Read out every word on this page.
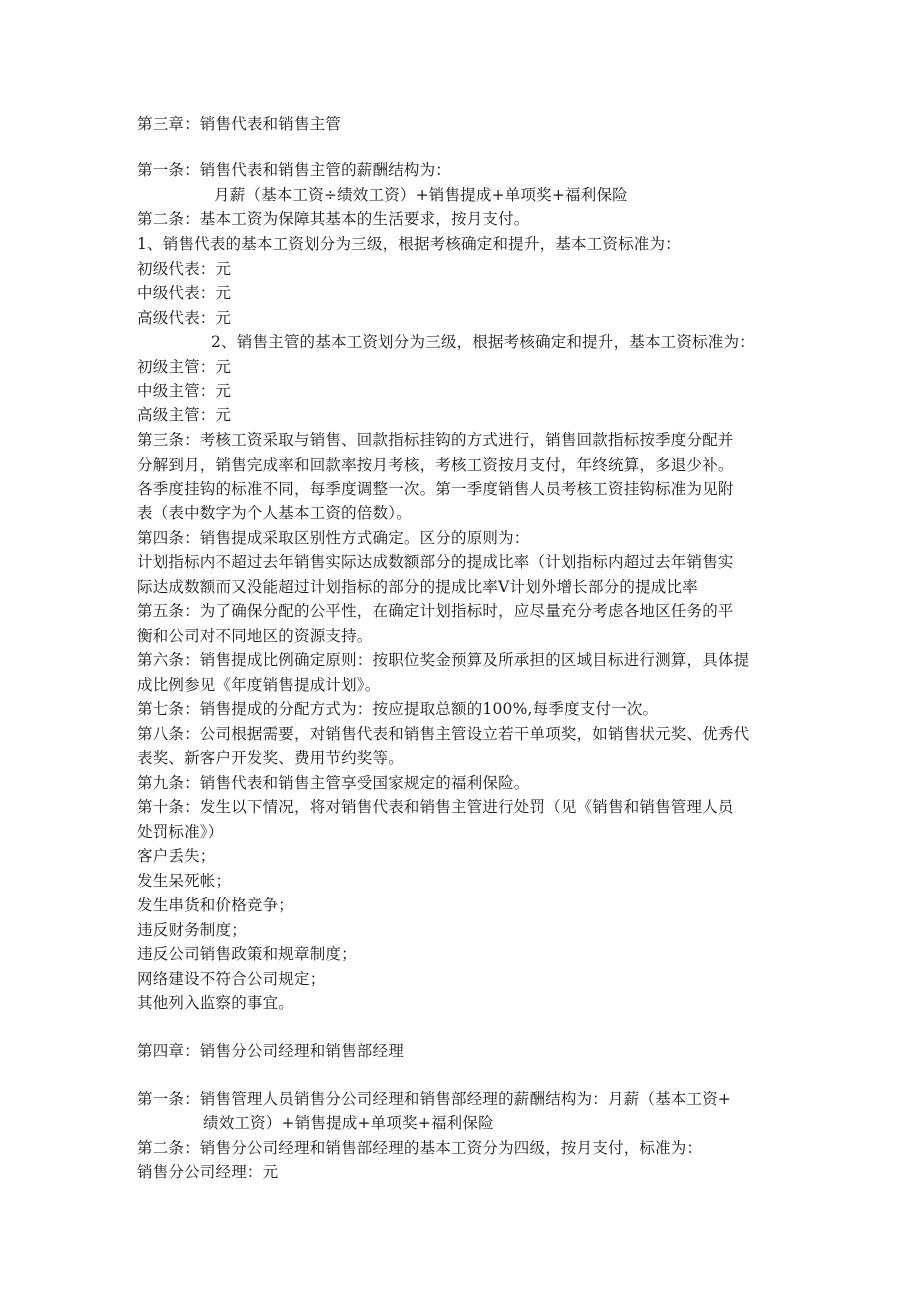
第三章：销售代表和销售主管
第一条：销售代表和销售主管的薪酬结构为：
月薪（基本工资÷绩效工资）+销售提成+单项奖+福利保险
第二条：基本工资为保障其基本的生活要求，按月支付。
1、销售代表的基本工资划分为三级，根据考核确定和提升，基本工资标准为：
初级代表：元
中级代表：元
高级代表：元
2、销售主管的基本工资划分为三级，根据考核确定和提升，基本工资标准为：
初级主管：元
中级主管：元
高级主管：元
第三条：考核工资采取与销售、回款指标挂钩的方式进行，销售回款指标按季度分配并
分解到月，销售完成率和回款率按月考核，考核工资按月支付，年终统算，多退少补。
各季度挂钩的标准不同，每季度调整一次。第一季度销售人员考核工资挂钩标准为见附
表（表中数字为个人基本工资的倍数）。
第四条：销售提成采取区别性方式确定。区分的原则为：
计划指标内不超过去年销售实际达成数额部分的提成比率（计划指标内超过去年销售实
际达成数额而又没能超过计划指标的部分的提成比率Ⅴ计划外增长部分的提成比率
第五条：为了确保分配的公平性，在确定计划指标时，应尽量充分考虑各地区任务的平
衡和公司对不同地区的资源支持。
第六条：销售提成比例确定原则：按职位奖金预算及所承担的区域目标进行测算，具体提
成比例参见《年度销售提成计划》。
第七条：销售提成的分配方式为：按应提取总额的100%,每季度支付一次。
第八条：公司根据需要，对销售代表和销售主管设立若干单项奖，如销售状元奖、优秀代
表奖、新客户开发奖、费用节约奖等。
第九条：销售代表和销售主管享受国家规定的福利保险。
第十条：发生以下情况，将对销售代表和销售主管进行处罚（见《销售和销售管理人员
处罚标准》）
客户丢失；
发生呆死帐；
发生串货和价格竞争；
违反财务制度；
违反公司销售政策和规章制度；
网络建设不符合公司规定；
其他列入监察的事宜。
第四章：销售分公司经理和销售部经理
第一条：销售管理人员销售分公司经理和销售部经理的薪酬结构为：月薪（基本工资+
绩效工资）+销售提成+单项奖+福利保险
第二条：销售分公司经理和销售部经理的基本工资分为四级，按月支付，标准为：
销售分公司经理：元
